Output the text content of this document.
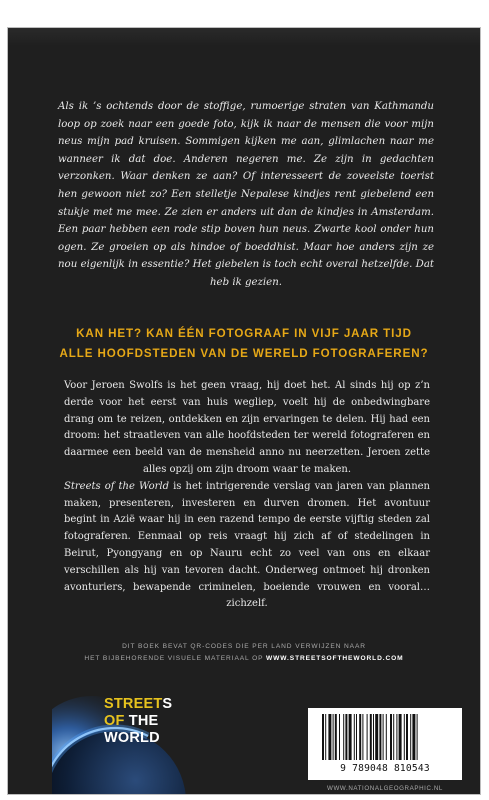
Als ik ’s ochtends door de stoffige, rumoerige straten van Kathmandu loop op zoek naar een goede foto, kijk ik naar de mensen die voor mijn neus mijn pad kruisen. Sommigen kijken me aan, glimlachen naar me wanneer ik dat doe. Anderen negeren me. Ze zijn in gedachten verzonken. Waar denken ze aan? Of interesseert de zoveelste toerist hen gewoon niet zo? Een stelletje Nepalese kindjes rent giebelend een stukje met me mee. Ze zien er anders uit dan de kindjes in Amsterdam. Een paar hebben een rode stip boven hun neus. Zwarte kool onder hun ogen. Ze groeien op als hindoe of boeddhist. Maar hoe anders zijn ze nou eigenlijk in essentie? Het giebelen is toch echt overal hetzelfde. Dat heb ik gezien.
KAN HET? KAN ÉÉN FOTOGRAAF IN VIJF JAAR TIJD
ALLE HOOFDSTEDEN VAN DE WERELD FOTOGRAFEREN?

Voor Jeroen Swolfs is het geen vraag, hij doet het. Al sinds hij op z’n derde voor het eerst van huis wegliep, voelt hij de onbedwingbare drang om te reizen, ontdekken en zijn ervaringen te delen. Hij had een droom: het straatleven van alle hoofdsteden ter wereld fotograferen en daarmee een beeld van de mensheid anno nu neerzetten. Jeroen zette alles opzij om zijn droom waar te maken.

Streets of the World is het intrigerende verslag van jaren van plannen maken, presenteren, investeren en durven dromen. Het avontuur begint in Azië waar hij in een razend tempo de eerste vijftig steden zal fotograferen. Eenmaal op reis vraagt hij zich af of stedelingen in Beirut, Pyongyang en op Nauru echt zo veel van ons en elkaar verschillen als hij van tevoren dacht. Onderweg ontmoet hij dronken avonturiers, bewapende criminelen, boeiende vrouwen en vooral… zichzelf.

DIT BOEK BEVAT QR-CODES DIE PER LAND VERWIJZEN NAAR
HET BIJBEHORENDE VISUELE MATERIAAL OP WWW.STREETSOFTHEWORLD.COM
STREETS
OF THE
WORLD
9 789048 810543
WWW.NATIONALGEOGRAPHIC.NL
